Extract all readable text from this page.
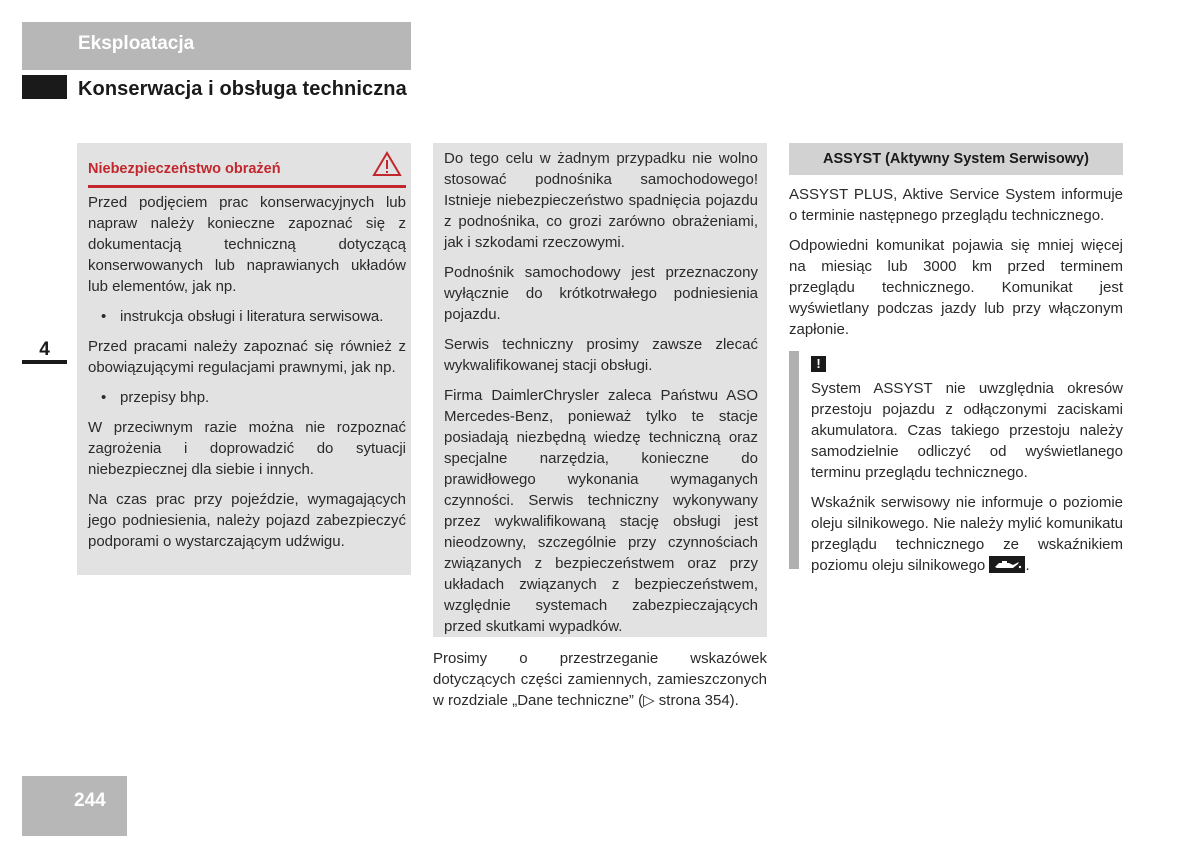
Eksploatacja
Konserwacja i obsługa techniczna
4
Niebezpieczeństwo obrażeń

Przed podjęciem prac konserwacyjnych lub napraw należy konieczne zapoznać się z dokumentacją techniczną dotyczącą konserwowanych lub naprawianych układów lub elementów, jak np.

• instrukcja obsługi i literatura serwisowa.

Przed pracami należy zapoznać się również z obowiązującymi regulacjami prawnymi, jak np.

• przepisy bhp.

W przeciwnym razie można nie rozpoznać zagrożenia i doprowadzić do sytuacji niebezpiecznej dla siebie i innych.

Na czas prac przy pojeździe, wymagających jego podniesienia, należy pojazd zabezpieczyć podporami o wystarczającym udźwigu.

Do tego celu w żadnym przypadku nie wolno stosować podnośnika samochodowego! Istnieje niebezpieczeństwo spadnięcia pojazdu z podnośnika, co grozi zarówno obrażeniami, jak i szkodami rzeczowymi.

Podnośnik samochodowy jest przeznaczony wyłącznie do krótkotrwałego podniesienia pojazdu.

Serwis techniczny prosimy zawsze zlecać wykwalifikowanej stacji obsługi.

Firma DaimlerChrysler zaleca Państwu ASO Mercedes-Benz, ponieważ tylko te stacje posiadają niezbędną wiedzę techniczną oraz specjalne narzędzia, konieczne do prawidłowego wykonania wymaganych czynności. Serwis techniczny wykonywany przez wykwalifikowaną stację obsługi jest nieodzowny, szczególnie przy czynnościach związanych z bezpieczeństwem oraz przy układach związanych z bezpieczeństwem, względnie systemach zabezpieczających przed skutkami wypadków.

Prosimy o przestrzeganie wskazówek dotyczących części zamiennych, zamieszczonych w rozdziale „Dane techniczne” (▷ strona 354).

ASSYST (Aktywny System Serwisowy)

ASSYST PLUS, Aktive Service System informuje o terminie następnego przeglądu technicznego.

Odpowiedni komunikat pojawia się mniej więcej na miesiąc lub 3000 km przed terminem przeglądu technicznego. Komunikat jest wyświetlany podczas jazdy lub przy włączonym zapłonie.

!

System ASSYST nie uwzględnia okresów przestoju pojazdu z odłączonymi zaciskami akumulatora. Czas takiego przestoju należy samodzielnie odliczyć od wyświetlanego terminu przeglądu technicznego.

Wskaźnik serwisowy nie informuje o poziomie oleju silnikowego. Nie należy mylić komunikatu przeglądu technicznego ze wskaźnikiem poziomu oleju silnikowego	.

244
